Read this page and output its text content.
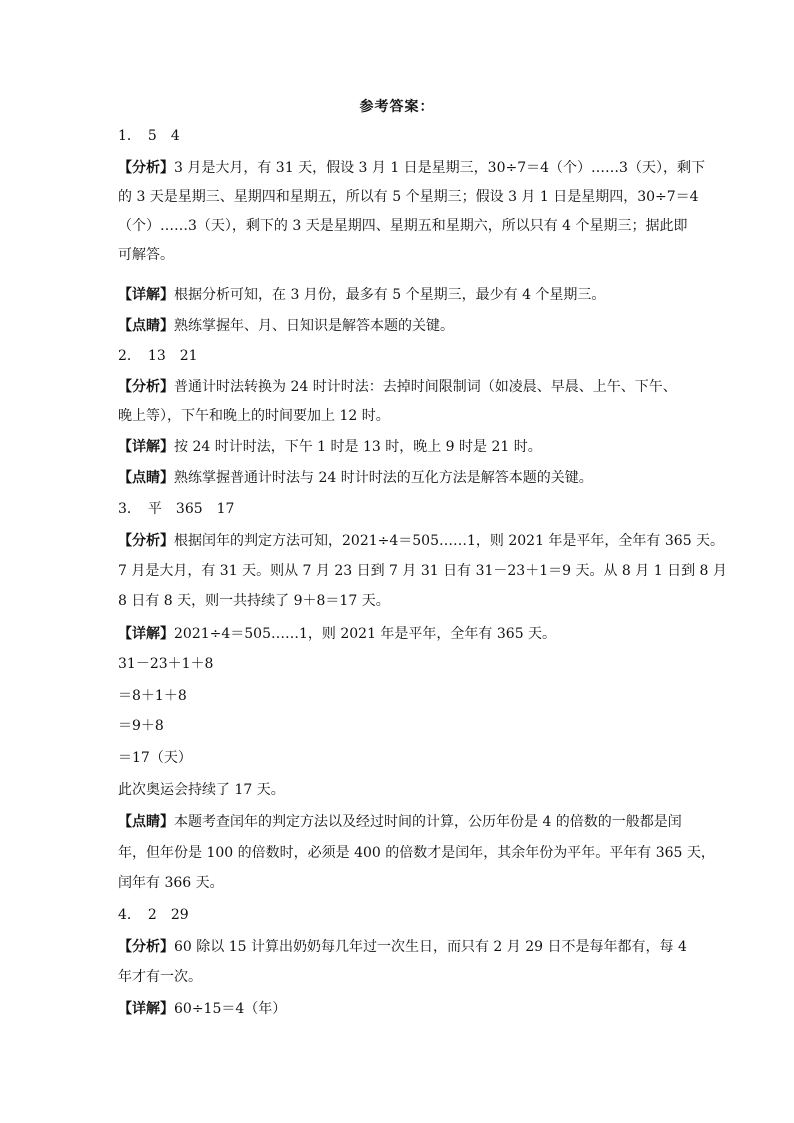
参考答案：
1．　5　4
【分析】3 月是大月，有 31 天，假设 3 月 1 日是星期三，30÷7＝4（个）……3（天），剩下
的 3 天是星期三、星期四和星期五，所以有 5 个星期三；假设 3 月 1 日是星期四，30÷7＝4
（个）……3（天），剩下的 3 天是星期四、星期五和星期六，所以只有 4 个星期三；据此即
可解答。
【详解】根据分析可知，在 3 月份，最多有 5 个星期三，最少有 4 个星期三。
【点睛】熟练掌握年、月、日知识是解答本题的关键。
2．　13　21
【分析】普通计时法转换为 24 时计时法：去掉时间限制词（如凌晨、早晨、上午、下午、
晚上等），下午和晚上的时间要加上 12 时。
【详解】按 24 时计时法，下午 1 时是 13 时，晚上 9 时是 21 时。
【点睛】熟练掌握普通计时法与 24 时计时法的互化方法是解答本题的关键。
3．　平　365　17
【分析】根据闰年的判定方法可知，2021÷4＝505……1，则 2021 年是平年，全年有 365 天。
7 月是大月，有 31 天。则从 7 月 23 日到 7 月 31 日有 31－23＋1＝9 天。从 8 月 1 日到 8 月
8 日有 8 天，则一共持续了 9＋8＝17 天。
【详解】2021÷4＝505……1，则 2021 年是平年，全年有 365 天。
31－23＋1＋8
＝8＋1＋8
＝9＋8
＝17（天）
此次奥运会持续了 17 天。
【点睛】本题考查闰年的判定方法以及经过时间的计算，公历年份是 4 的倍数的一般都是闰
年，但年份是 100 的倍数时，必须是 400 的倍数才是闰年，其余年份为平年。平年有 365 天，
闰年有 366 天。
4．　2　29
【分析】60 除以 15 计算出奶奶每几年过一次生日，而只有 2 月 29 日不是每年都有，每 4
年才有一次。
【详解】60÷15＝4（年）
